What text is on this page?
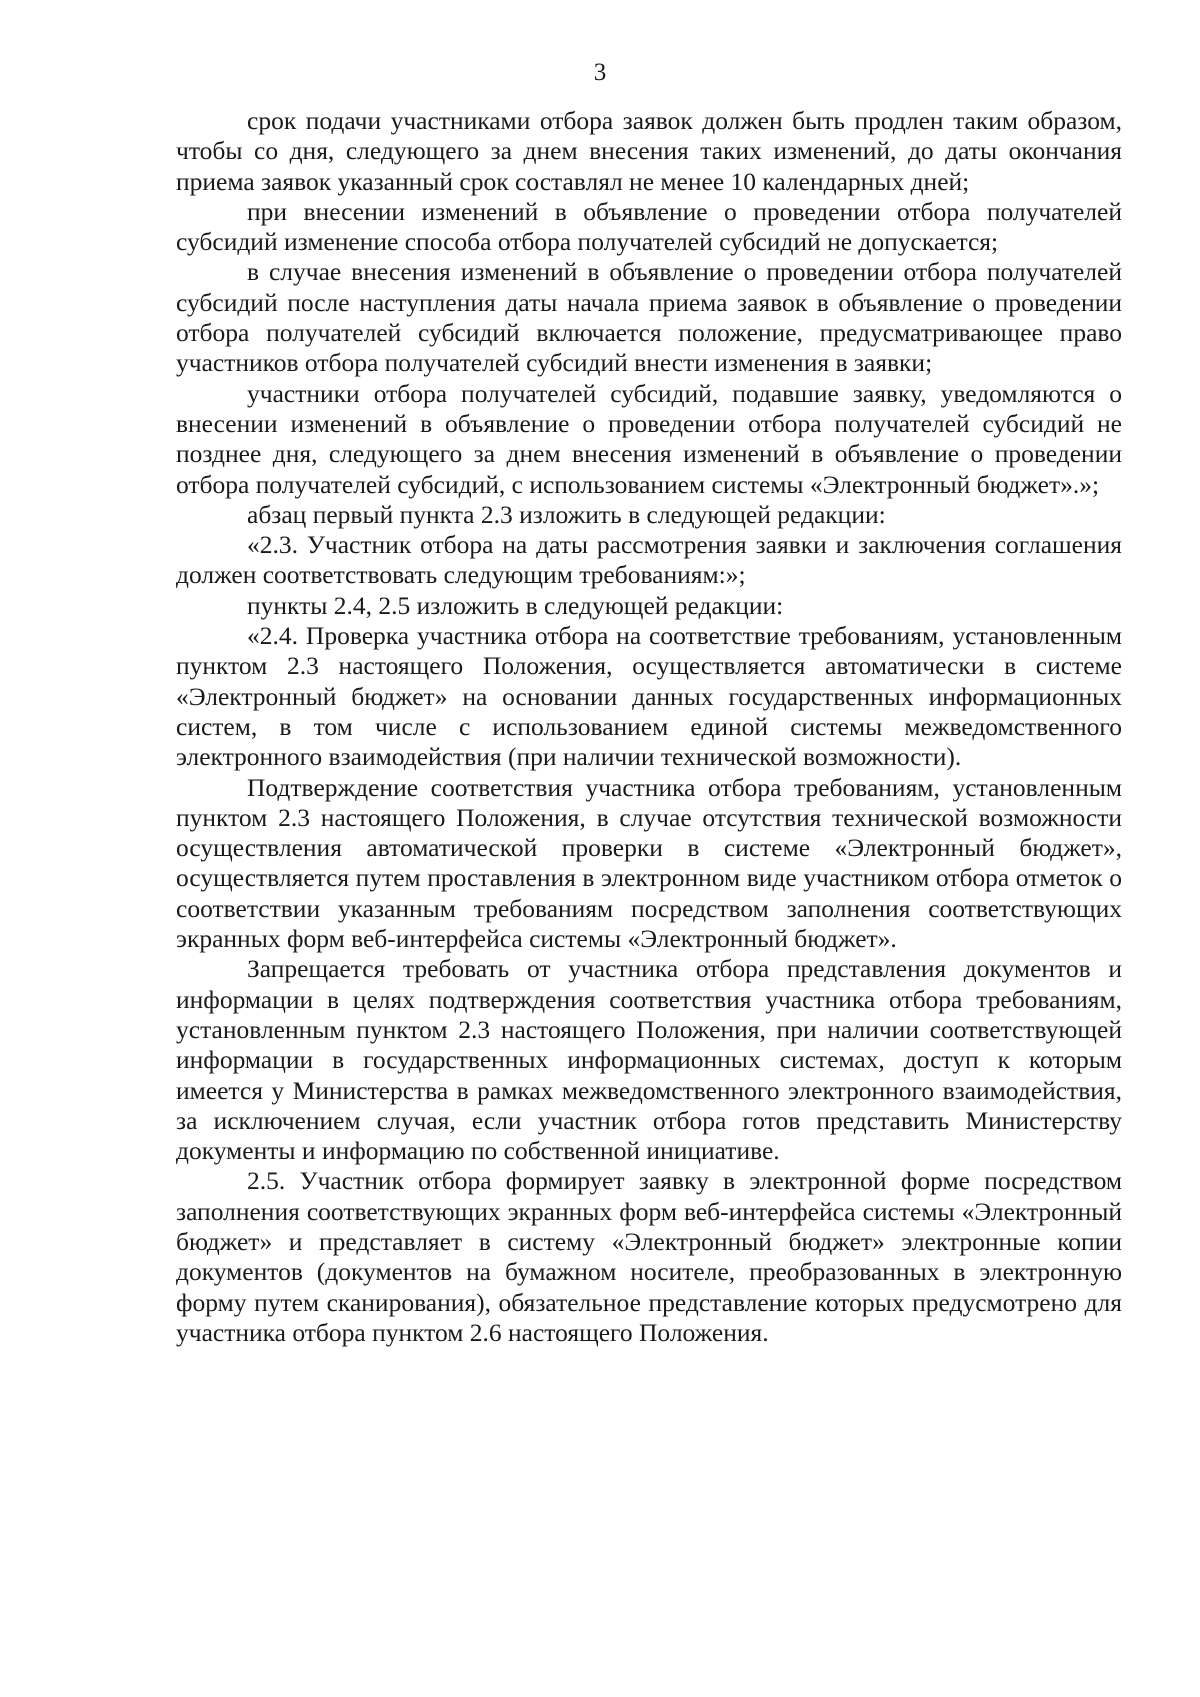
3

срок подачи участниками отбора заявок должен быть продлен таким образом, чтобы со дня, следующего за днем внесения таких изменений, до даты окончания приема заявок указанный срок составлял не менее 10 календарных дней;

при внесении изменений в объявление о проведении отбора получателей субсидий изменение способа отбора получателей субсидий не допускается;

в случае внесения изменений в объявление о проведении отбора получателей субсидий после наступления даты начала приема заявок в объявление о проведении отбора получателей субсидий включается положение, предусматривающее право участников отбора получателей субсидий внести изменения в заявки;

участники отбора получателей субсидий, подавшие заявку, уведомляются о внесении изменений в объявление о проведении отбора получателей субсидий не позднее дня, следующего за днем внесения изменений в объявление о проведении отбора получателей субсидий, с использованием системы «Электронный бюджет».»;

абзац первый пункта 2.3 изложить в следующей редакции:

«2.3. Участник отбора на даты рассмотрения заявки и заключения соглашения должен соответствовать следующим требованиям:»;

пункты 2.4, 2.5 изложить в следующей редакции:

«2.4. Проверка участника отбора на соответствие требованиям, установленным пунктом 2.3 настоящего Положения, осуществляется автоматически в системе «Электронный бюджет» на основании данных государственных информационных систем, в том числе с использованием единой системы межведомственного электронного взаимодействия (при наличии технической возможности).

Подтверждение соответствия участника отбора требованиям, установленным пунктом 2.3 настоящего Положения, в случае отсутствия технической возможности осуществления автоматической проверки в системе «Электронный бюджет», осуществляется путем проставления в электронном виде участником отбора отметок о соответствии указанным требованиям посредством заполнения соответствующих экранных форм веб-интерфейса системы «Электронный бюджет».

Запрещается требовать от участника отбора представления документов и информации в целях подтверждения соответствия участника отбора требованиям, установленным пунктом 2.3 настоящего Положения, при наличии соответствующей информации в государственных информационных системах, доступ к которым имеется у Министерства в рамках межведомственного электронного взаимодействия, за исключением случая, если участник отбора готов представить Министерству документы и информацию по собственной инициативе.

2.5. Участник отбора формирует заявку в электронной форме посредством заполнения соответствующих экранных форм веб-интерфейса системы «Электронный бюджет» и представляет в систему «Электронный бюджет» электронные копии документов (документов на бумажном носителе, преобразованных в электронную форму путем сканирования), обязательное представление которых предусмотрено для участника отбора пунктом 2.6 настоящего Положения.
